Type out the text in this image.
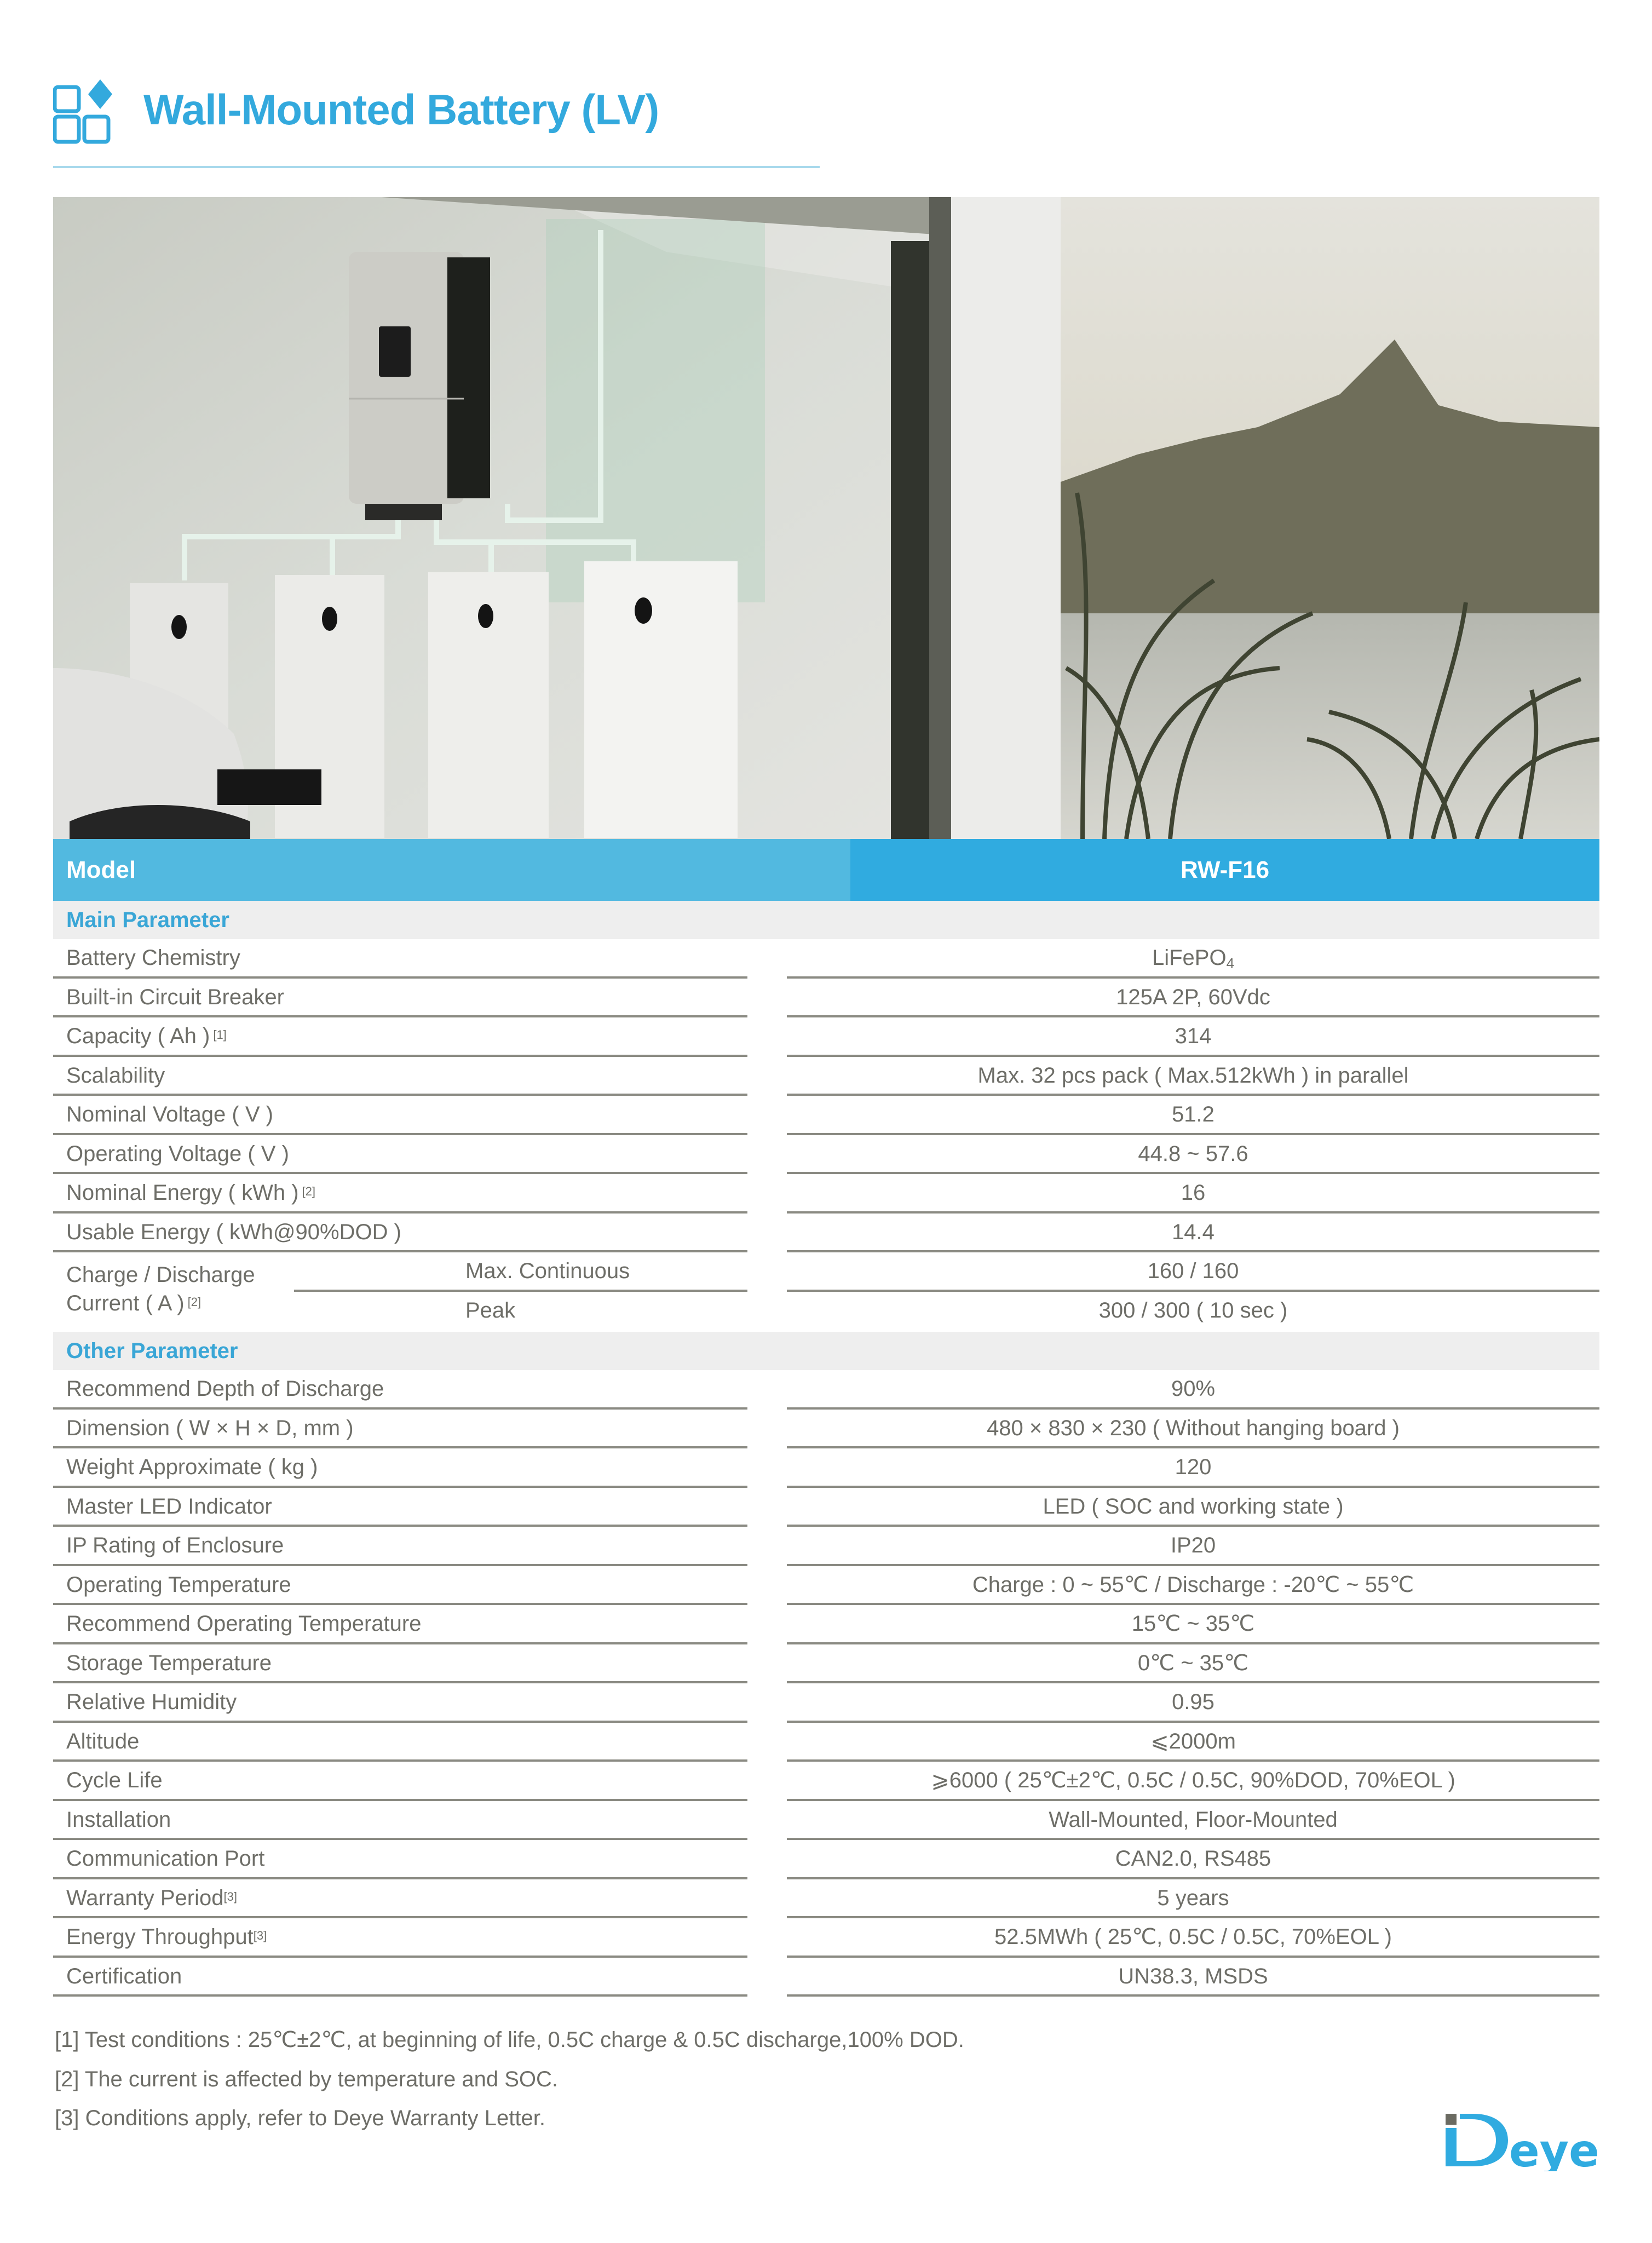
Wall-Mounted Battery (LV)
Model	RW-F16
Main Parameter
Battery Chemistry	LiFePO$_4$
Built-in Circuit Breaker	125A 2P, 60Vdc
Capacity ( Ah ) [1]	314
Scalability	Max. 32 pcs pack ( Max.512kWh ) in parallel
Nominal Voltage ( V )	51.2
Operating Voltage ( V )	44.8 ~ 57.6
Nominal Energy ( kWh ) [2]	16
Usable Energy ( kWh@90%DOD )	14.4
Charge / Discharge
Current ( A ) [2]
Max. Continuous	160 / 160
Peak	300 / 300 ( 10 sec )
Other Parameter
Recommend Depth of Discharge	90%
Dimension ( W × H × D, mm )	480 × 830 × 230 ( Without hanging board )
Weight Approximate ( kg )	120
Master LED Indicator	LED ( SOC and working state )
IP Rating of Enclosure	IP20
Operating Temperature	Charge : 0 ~ 55℃ / Discharge : -20℃ ~ 55℃
Recommend Operating Temperature	15℃ ~ 35℃
Storage Temperature	0℃ ~ 35℃
Relative Humidity	0.95
Altitude	⩽2000m
Cycle Life	⩾6000 ( 25℃±2℃, 0.5C / 0.5C, 90%DOD, 70%EOL )
Installation	Wall-Mounted, Floor-Mounted
Communication Port	CAN2.0, RS485
Warranty Period[3]	5 years
Energy Throughput[3]	52.5MWh ( 25℃, 0.5C / 0.5C, 70%EOL )
Certification	UN38.3, MSDS
[1] Test conditions : 25℃±2℃, at beginning of life, 0.5C charge & 0.5C discharge,100% DOD.
[2] The current is affected by temperature and SOC.
[3] Conditions apply, refer to Deye Warranty Letter.
eye
